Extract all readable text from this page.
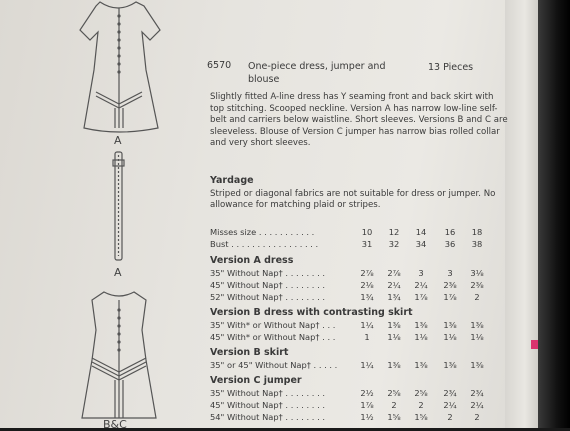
A
A
B&C
6570 One-piece dress, jumper and blouse
13 Pieces
Slightly fitted A-line dress has Y seaming front and back skirt with top stitching. Scooped neckline. Version A has narrow low-line self-belt and carriers below waistline. Short sleeves. Versions B and C are sleeveless. Blouse of Version C jumper has narrow bias rolled collar and very short sleeves.
Yardage
Striped or diagonal fabrics are not suitable for dress or jumper. No allowance for matching plaid or stripes.
Misses size . . . . . . . . . . .	10	12	14	16	18
Bust . . . . . . . . . . . . . . . . .	31	32	34	36	38
Version A dress
35" Without Nap† . . . . . . . .	2⅞	2⅞	3	3	3⅛
45" Without Nap† . . . . . . . .	2⅛	2¼	2¼	2⅜	2⅜
52" Without Nap† . . . . . . . .	1¾	1¾	1⅞	1⅞	2
Version B dress with contrasting skirt
35" With* or Without Nap† . . .	1¼	1⅜	1⅜	1⅜	1⅜
45" With* or Without Nap† . . .	1	1⅛	1⅛	1⅛	1⅛
Version B skirt
35" or 45" Without Nap† . . . . .	1¼	1⅜	1⅜	1⅜	1⅜
Version C jumper
35" Without Nap† . . . . . . . .	2½	2⅝	2⅝	2¾	2¾
45" Without Nap† . . . . . . . .	1⅞	2	2	2¼	2¼
54" Without Nap† . . . . . . . .	1½	1⅝	1⅝	2	2
